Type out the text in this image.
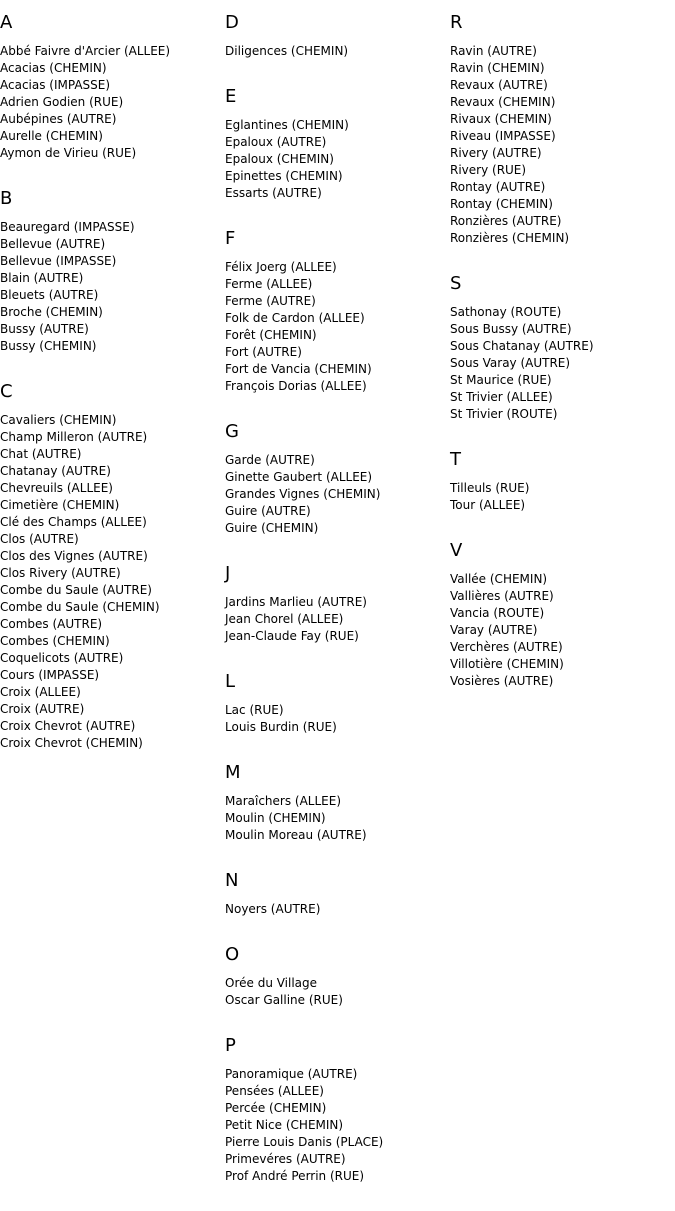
A
Abbé Faivre d'Arcier (ALLEE)
Acacias (CHEMIN)
Acacias (IMPASSE)
Adrien Godien (RUE)
Aubépines (AUTRE)
Aurelle (CHEMIN)
Aymon de Virieu (RUE)
B
Beauregard (IMPASSE)
Bellevue (AUTRE)
Bellevue (IMPASSE)
Blain (AUTRE)
Bleuets (AUTRE)
Broche (CHEMIN)
Bussy (AUTRE)
Bussy (CHEMIN)
C
Cavaliers (CHEMIN)
Champ Milleron (AUTRE)
Chat (AUTRE)
Chatanay (AUTRE)
Chevreuils (ALLEE)
Cimetière (CHEMIN)
Clé des Champs (ALLEE)
Clos (AUTRE)
Clos des Vignes (AUTRE)
Clos Rivery (AUTRE)
Combe du Saule (AUTRE)
Combe du Saule (CHEMIN)
Combes (AUTRE)
Combes (CHEMIN)
Coquelicots (AUTRE)
Cours (IMPASSE)
Croix (ALLEE)
Croix (AUTRE)
Croix Chevrot (AUTRE)
Croix Chevrot (CHEMIN)
D
Diligences (CHEMIN)
E
Eglantines (CHEMIN)
Epaloux (AUTRE)
Epaloux (CHEMIN)
Epinettes (CHEMIN)
Essarts (AUTRE)
F
Félix Joerg (ALLEE)
Ferme (ALLEE)
Ferme (AUTRE)
Folk de Cardon (ALLEE)
Forêt (CHEMIN)
Fort (AUTRE)
Fort de Vancia (CHEMIN)
François Dorias (ALLEE)
G
Garde (AUTRE)
Ginette Gaubert (ALLEE)
Grandes Vignes (CHEMIN)
Guire (AUTRE)
Guire (CHEMIN)
J
Jardins Marlieu (AUTRE)
Jean Chorel (ALLEE)
Jean-Claude Fay (RUE)
L
Lac (RUE)
Louis Burdin (RUE)
M
Maraîchers (ALLEE)
Moulin (CHEMIN)
Moulin Moreau (AUTRE)
N
Noyers (AUTRE)
O
Orée du Village
Oscar Galline (RUE)
P
Panoramique (AUTRE)
Pensées (ALLEE)
Percée (CHEMIN)
Petit Nice (CHEMIN)
Pierre Louis Danis (PLACE)
Primevéres (AUTRE)
Prof André Perrin (RUE)
R
Ravin (AUTRE)
Ravin (CHEMIN)
Revaux (AUTRE)
Revaux (CHEMIN)
Rivaux (CHEMIN)
Riveau (IMPASSE)
Rivery (AUTRE)
Rivery (RUE)
Rontay (AUTRE)
Rontay (CHEMIN)
Ronzières (AUTRE)
Ronzières (CHEMIN)
S
Sathonay (ROUTE)
Sous Bussy (AUTRE)
Sous Chatanay (AUTRE)
Sous Varay (AUTRE)
St Maurice (RUE)
St Trivier (ALLEE)
St Trivier (ROUTE)
T
Tilleuls (RUE)
Tour (ALLEE)
V
Vallée (CHEMIN)
Vallières (AUTRE)
Vancia (ROUTE)
Varay (AUTRE)
Verchères (AUTRE)
Villotière (CHEMIN)
Vosières (AUTRE)
